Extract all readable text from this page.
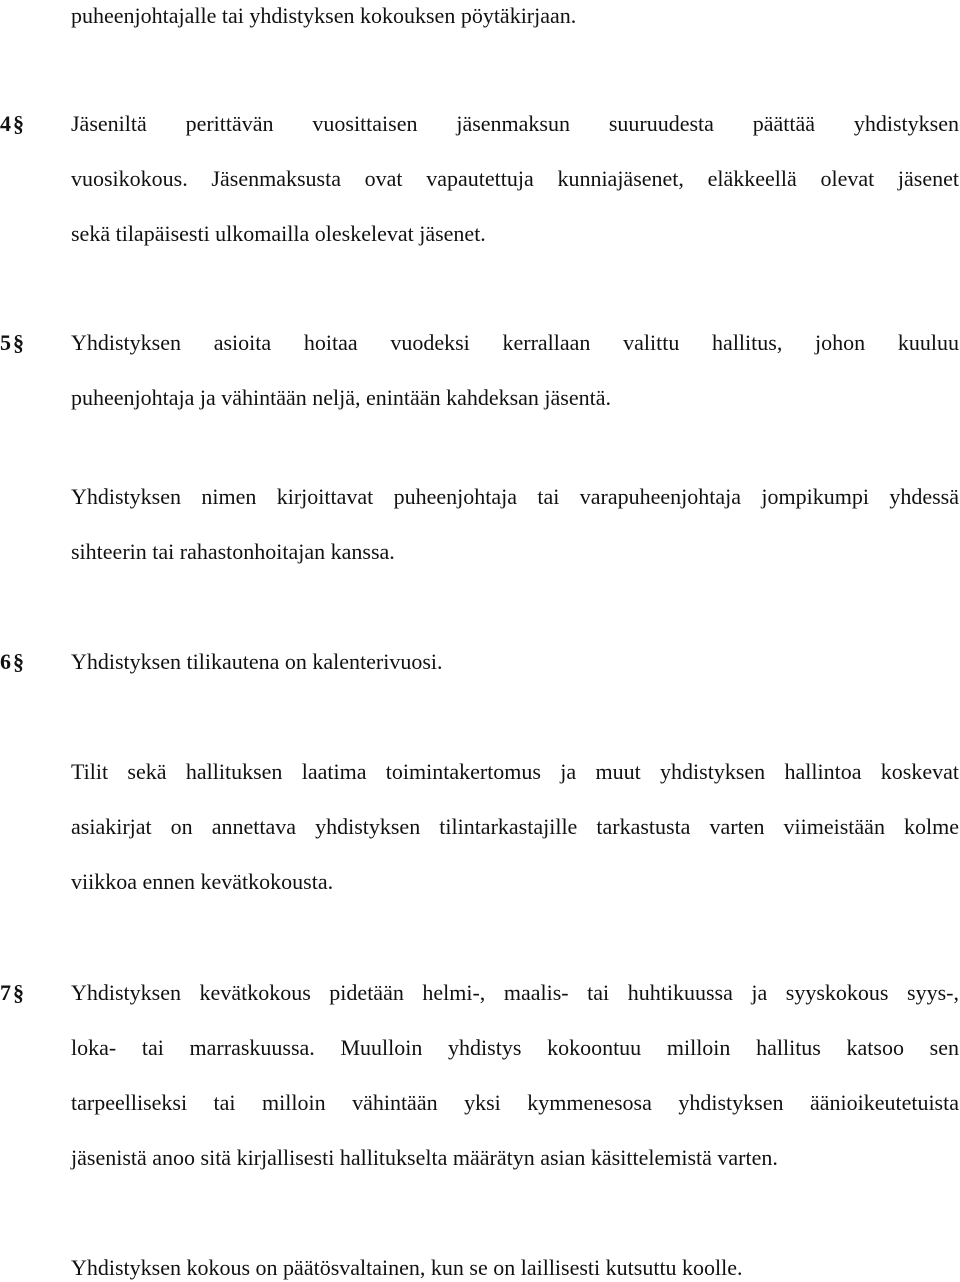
puheenjohtajalle tai yhdistyksen kokouksen pöytäkirjaan.
4§ Jäseniltä perittävän vuosittaisen jäsenmaksun suuruudesta päättää yhdistyksen
vuosikokous. Jäsenmaksusta ovat vapautettuja kunniajäsenet, eläkkeellä olevat jäsenet
sekä tilapäisesti ulkomailla oleskelevat jäsenet.
5§ Yhdistyksen asioita hoitaa vuodeksi kerrallaan valittu hallitus, johon kuuluu
puheenjohtaja ja vähintään neljä, enintään kahdeksan jäsentä.
Yhdistyksen nimen kirjoittavat puheenjohtaja tai varapuheenjohtaja jompikumpi yhdessä
sihteerin tai rahastonhoitajan kanssa.
6§ Yhdistyksen tilikautena on kalenterivuosi.
Tilit sekä hallituksen laatima toimintakertomus ja muut yhdistyksen hallintoa koskevat
asiakirjat on annettava yhdistyksen tilintarkastajille tarkastusta varten viimeistään kolme
viikkoa ennen kevätkokousta.
7§ Yhdistyksen kevätkokous pidetään helmi-, maalis- tai huhtikuussa ja syyskokous syys-,
loka- tai marraskuussa. Muulloin yhdistys kokoontuu milloin hallitus katsoo sen
tarpeelliseksi tai milloin vähintään yksi kymmenesosa yhdistyksen äänioikeutetuista
jäsenistä anoo sitä kirjallisesti hallitukselta määrätyn asian käsittelemistä varten.
Yhdistyksen kokous on päätösvaltainen, kun se on laillisesti kutsuttu koolle.
